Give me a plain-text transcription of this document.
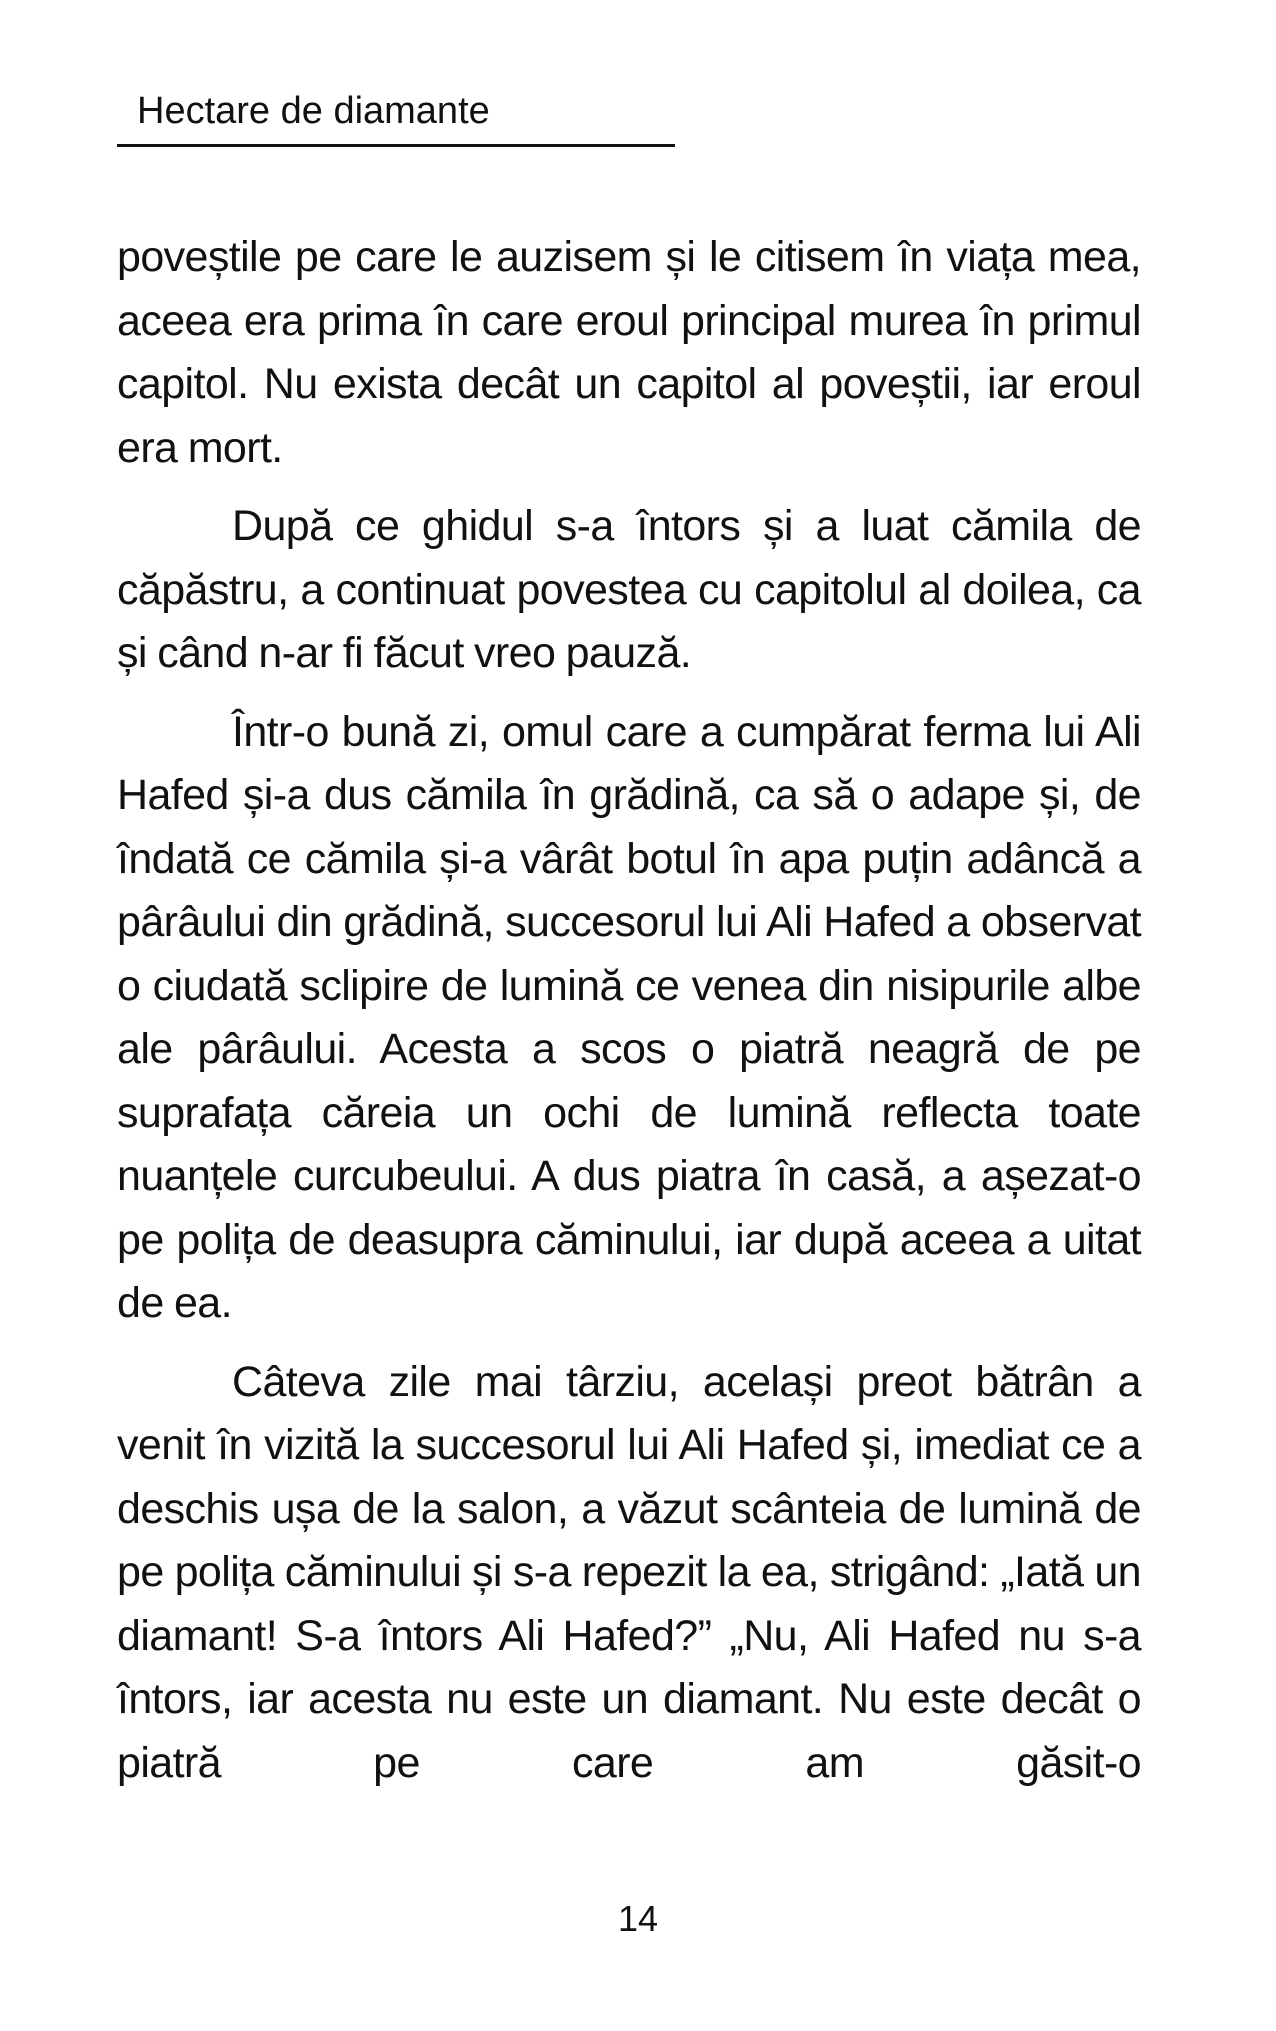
Hectare de diamante

poveștile pe care le auzisem și le citisem în viața mea, aceea era prima în care eroul principal murea în primul capitol. Nu exista decât un capitol al poveștii, iar eroul era mort.

După ce ghidul s-a întors și a luat cămila de căpăstru, a continuat povestea cu capitolul al doilea, ca și când n-ar fi făcut vreo pauză.

Într-o bună zi, omul care a cumpărat ferma lui Ali Hafed și-a dus cămila în grădină, ca să o adape și, de îndată ce cămila și-a vârât botul în apa puțin adâncă a pârâului din grădină, succesorul lui Ali Hafed a observat o ciudată sclipire de lumină ce venea din nisipurile albe ale pârâului. Acesta a scos o piatră neagră de pe suprafața căreia un ochi de lumină reflecta toate nuanțele curcubeului. A dus piatra în casă, a așezat-o pe polița de deasupra căminului, iar după aceea a uitat de ea.

Câteva zile mai târziu, același preot bătrân a venit în vizită la succesorul lui Ali Hafed și, imediat ce a deschis ușa de la salon, a văzut scânteia de lumină de pe polița căminului și s-a repezit la ea, strigând: „Iată un diamant! S-a întors Ali Hafed?” „Nu, Ali Hafed nu s-a întors, iar acesta nu este un diamant. Nu este decât o piatră pe care am găsit-o

14
